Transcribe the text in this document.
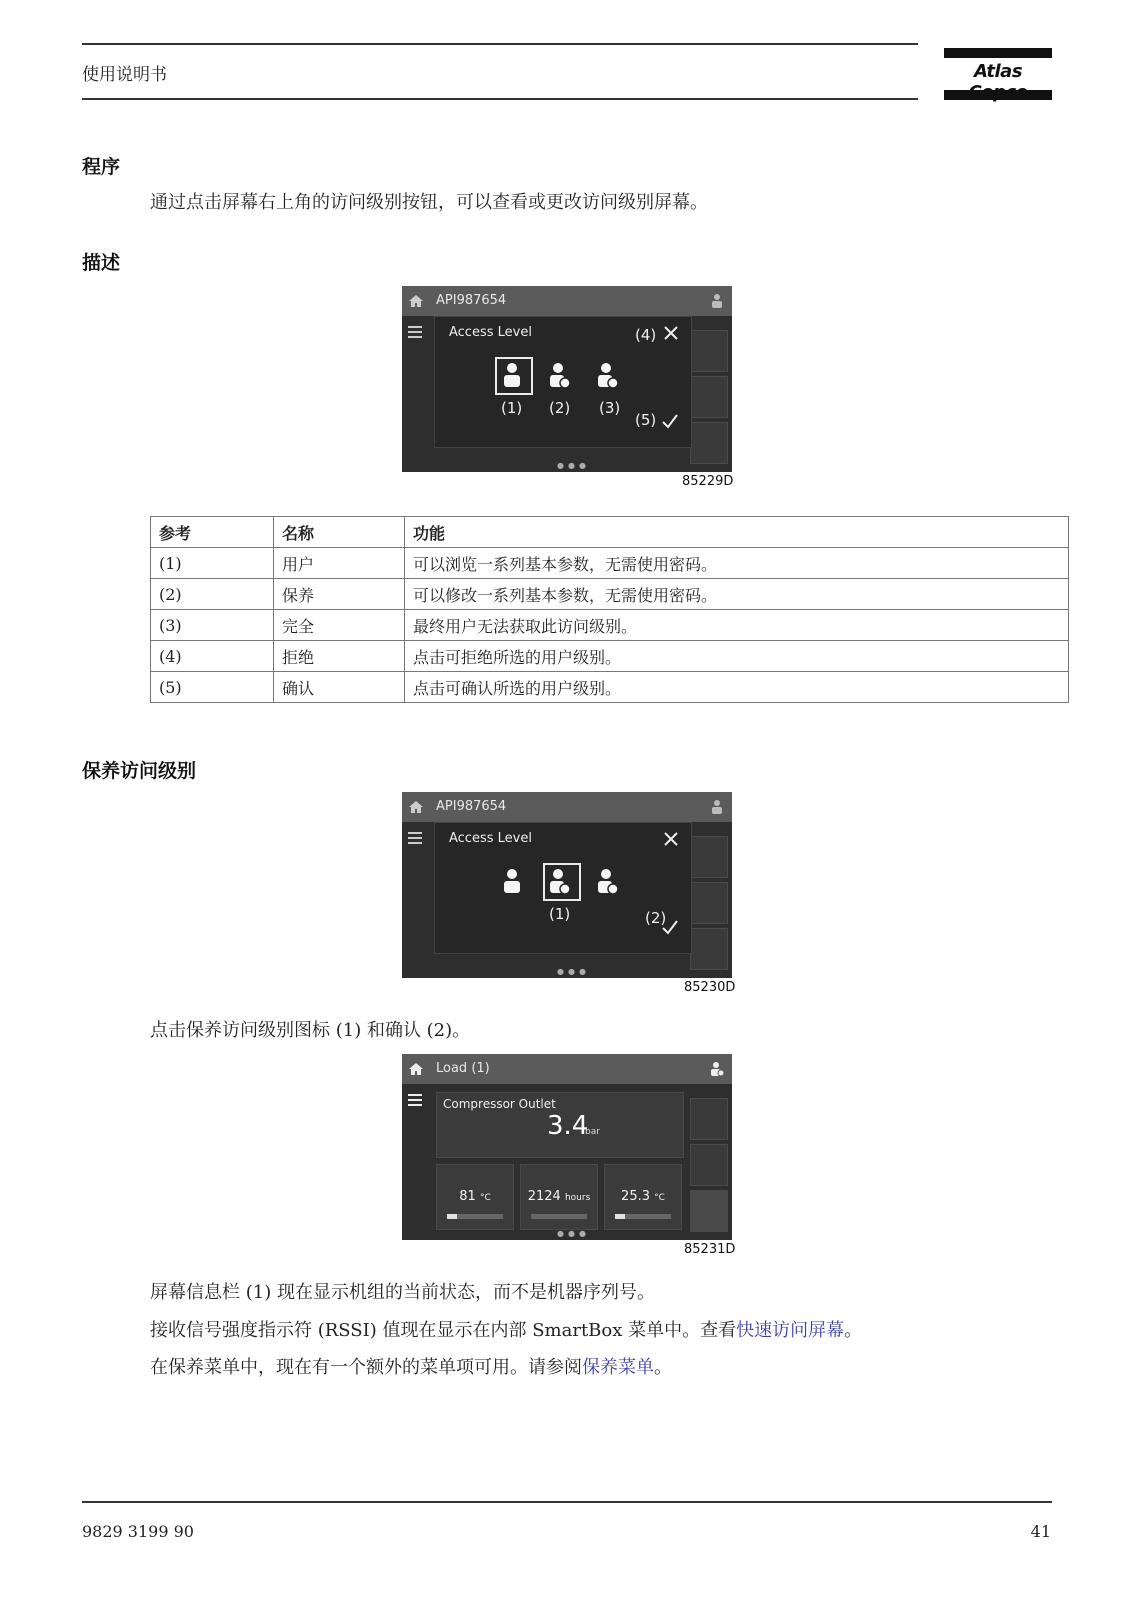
使用说明书	Atlas
程序
通过点击屏幕右上角的访问级别按钮，可以查看或更改访问级别屏幕。
描述
API987654
Access Level	(4)
(1) (2) (3)
(5)
●●●
85229D
参考	名称	功能
(1)	用户	可以浏览一系列基本参数，无需使用密码。
(2)	保养	可以修改一系列基本参数，无需使用密码。
(3)	完全	最终用户无法获取此访问级别。
(4)	拒绝	点击可拒绝所选的用户级别。
(5)	确认	点击可确认所选的用户级别。
保养访问级别
API987654
Access Level
(1)	(2)
●●●
85230D
点击保养访问级别图标 (1) 和确认 (2)。
Load (1)
Compressor Outlet
3.4
bar
81 °C	2124 hours	25.3 °C
●●●
85231D
屏幕信息栏 (1) 现在显示机组的当前状态，而不是机器序列号。
接收信号强度指示符 (RSSI) 值现在显示在内部 SmartBox 菜单中。查看快速访问屏幕。
在保养菜单中，现在有一个额外的菜单项可用。请参阅保养菜单。
9829 3199 90	41
